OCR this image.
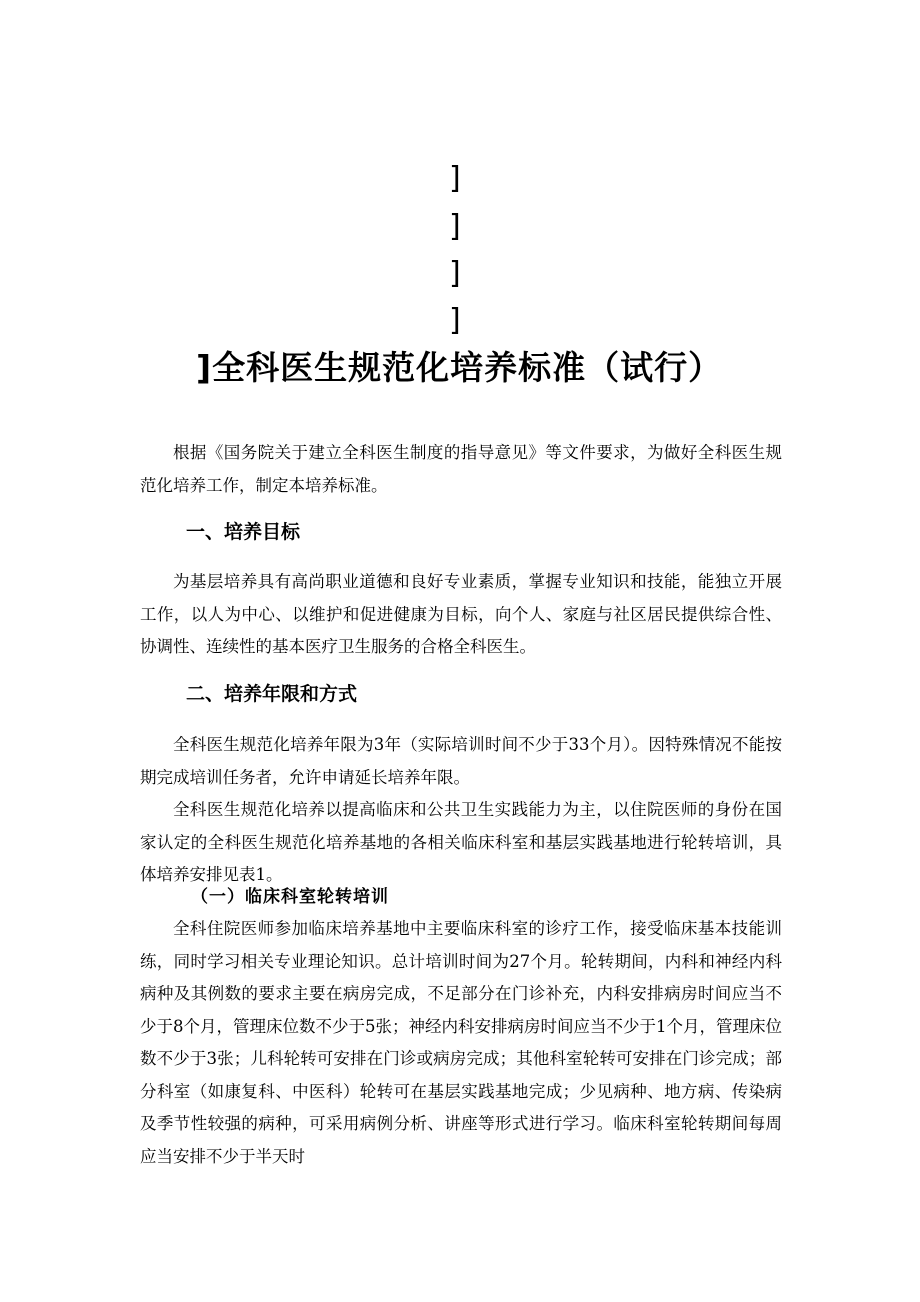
]
]
]
]
]全科医生规范化培养标准（试行）
根据《国务院关于建立全科医生制度的指导意见》等文件要求，为做好全科医生规范化培养工作，制定本培养标准。
一、培养目标
为基层培养具有高尚职业道德和良好专业素质，掌握专业知识和技能，能独立开展工作，以人为中心、以维护和促进健康为目标，向个人、家庭与社区居民提供综合性、协调性、连续性的基本医疗卫生服务的合格全科医生。
二、培养年限和方式
全科医生规范化培养年限为3年（实际培训时间不少于33个月）。因特殊情况不能按期完成培训任务者，允许申请延长培养年限。
全科医生规范化培养以提高临床和公共卫生实践能力为主，以住院医师的身份在国家认定的全科医生规范化培养基地的各相关临床科室和基层实践基地进行轮转培训，具体培养安排见表1。
（一）临床科室轮转培训
全科住院医师参加临床培养基地中主要临床科室的诊疗工作，接受临床基本技能训练，同时学习相关专业理论知识。总计培训时间为27个月。轮转期间，内科和神经内科病种及其例数的要求主要在病房完成，不足部分在门诊补充，内科安排病房时间应当不少于8个月，管理床位数不少于5张；神经内科安排病房时间应当不少于1个月，管理床位数不少于3张；儿科轮转可安排在门诊或病房完成；其他科室轮转可安排在门诊完成；部分科室（如康复科、中医科）轮转可在基层实践基地完成；少见病种、地方病、传染病及季节性较强的病种，可采用病例分析、讲座等形式进行学习。临床科室轮转期间每周应当安排不少于半天时
